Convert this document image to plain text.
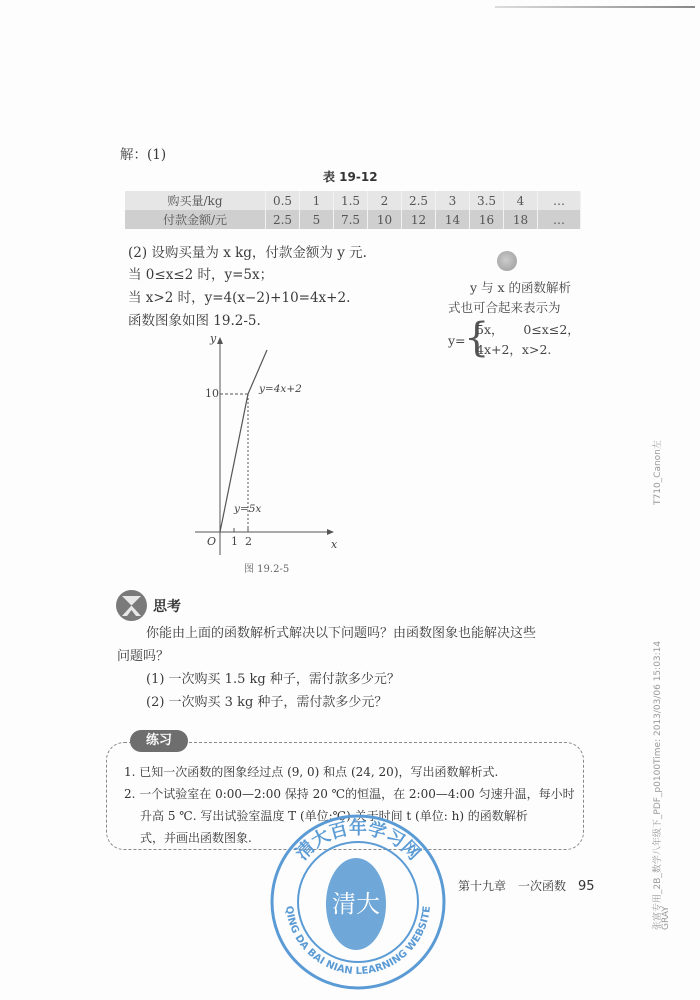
解：(1)
表 19-12
购买量/kg	0.5	1	1.5	2	2.5	3	3.5	4	…
付款金额/元	2.5	5	7.5	10	12	14	16	18	…
(2) 设购买量为 x kg，付款金额为 y 元.
当 0≤x≤2 时，y=5x；
当 x>2 时，y=4(x−2)+10=4x+2.
函数图象如图 19.2-5.
y 与 x 的函数解析
式也可合起来表示为
y=
{
5x，     0≤x≤2，
4x+2，x>2.
y
x
O 1 2
10	y=4x+2
y=5x
图 19.2-5
思考
你能由上面的函数解析式解决以下问题吗？由函数图象也能解决这些
问题吗？
(1) 一次购买 1.5 kg 种子，需付款多少元？
(2) 一次购买 3 kg 种子，需付款多少元？
练习
1. 已知一次函数的图象经过点 (9, 0) 和点 (24, 20)，写出函数解析式.
2. 一个试验室在 0:00—2:00 保持 20 ℃的恒温，在 2:00—4:00 匀速升温，每小时
升高 5 ℃. 写出试验室温度 T (单位:℃) 关于时间 t (单位: h) 的函数解析
式，并画出函数图象. 清大百年学习网
QING DA BAI NIAN LEARNING WEBSITE
清大
第十九章　一次函数 95
T710_Canon左
张富专用_2B_数学八年级下_PDF_p0100Time: 2013/03/06 15:03:14
GRAY
